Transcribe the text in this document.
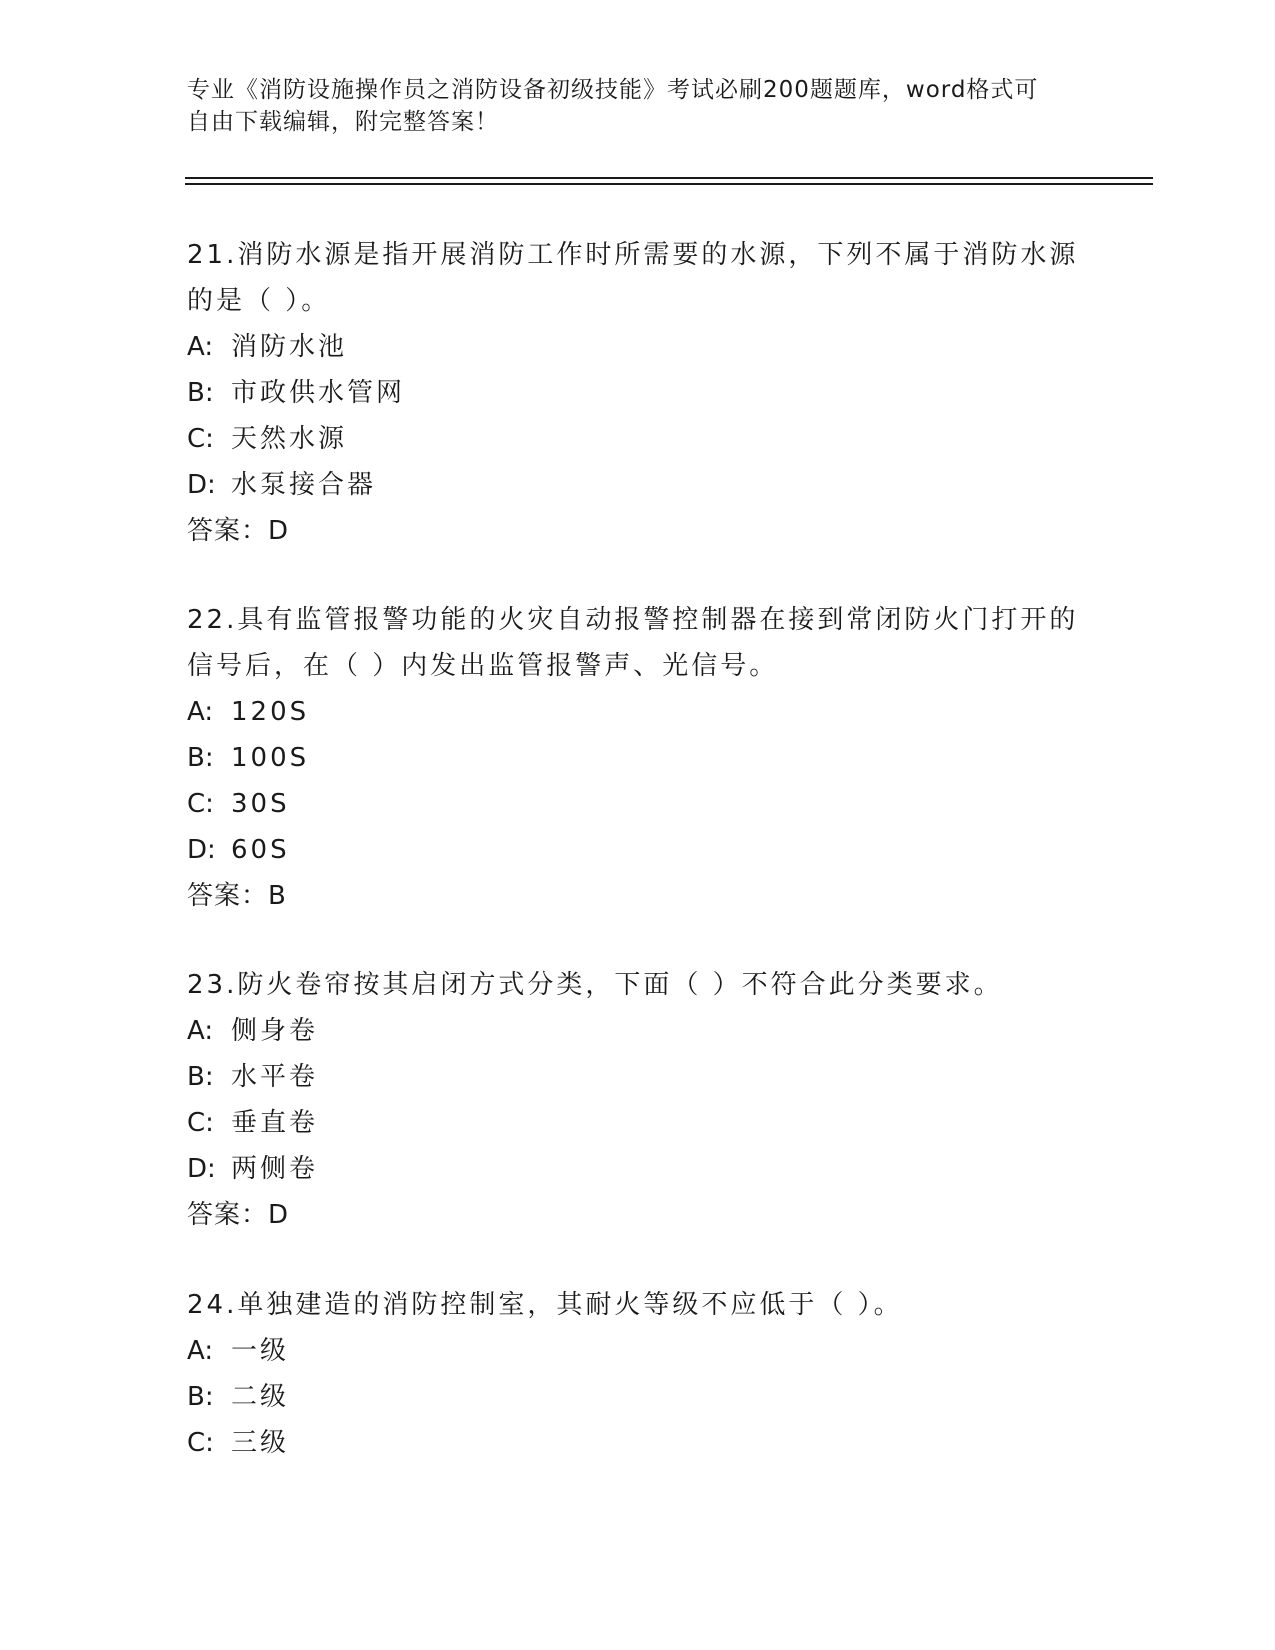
专业《消防设施操作员之消防设备初级技能》考试必刷200题题库，word格式可
自由下载编辑，附完整答案！
21.消防水源是指开展消防工作时所需要的水源，下列不属于消防水源
的是（ ）。
A: 消防水池
B: 市政供水管网
C: 天然水源
D: 水泵接合器
答案：D
22.具有监管报警功能的火灾自动报警控制器在接到常闭防火门打开的
信号后，在（ ）内发出监管报警声、光信号。
A: 120S
B: 100S
C: 30S
D: 60S
答案：B
23.防火卷帘按其启闭方式分类，下面（ ）不符合此分类要求。
A: 侧身卷
B: 水平卷
C: 垂直卷
D: 两侧卷
答案：D
24.单独建造的消防控制室，其耐火等级不应低于（ ）。
A: 一级
B: 二级
C: 三级
